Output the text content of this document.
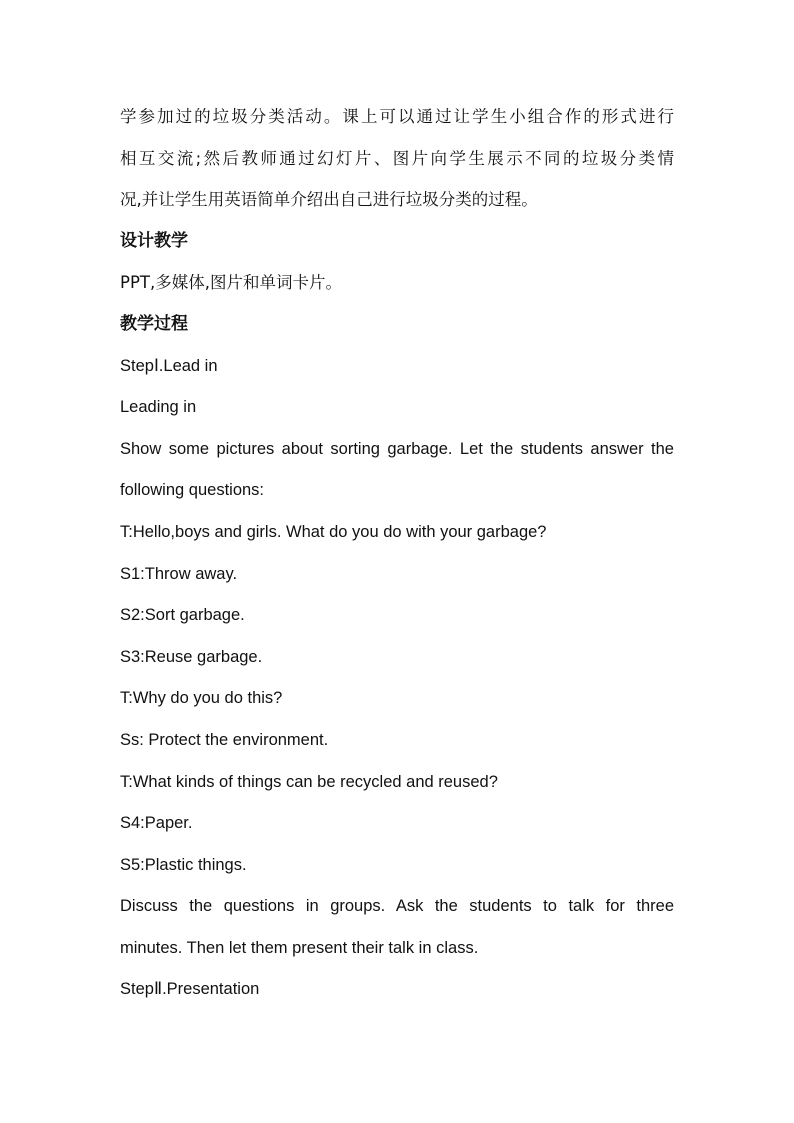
学参加过的垃圾分类活动。课上可以通过让学生小组合作的形式进行
相互交流;然后教师通过幻灯片、图片向学生展示不同的垃圾分类情
况,并让学生用英语简单介绍出自己进行垃圾分类的过程。
设计教学
PPT,多媒体,图片和单词卡片。
教学过程
StepⅠ.Lead in
Leading in
Show some pictures about sorting garbage. Let the students answer the
following questions:
T:Hello,boys and girls. What do you do with your garbage?
S1:Throw away.
S2:Sort garbage.
S3:Reuse garbage.
T:Why do you do this?
Ss: Protect the environment.
T:What kinds of things can be recycled and reused?
S4:Paper.
S5:Plastic things.
Discuss the questions in groups. Ask the students to talk for three
minutes. Then let them present their talk in class.
StepⅡ.Presentation
